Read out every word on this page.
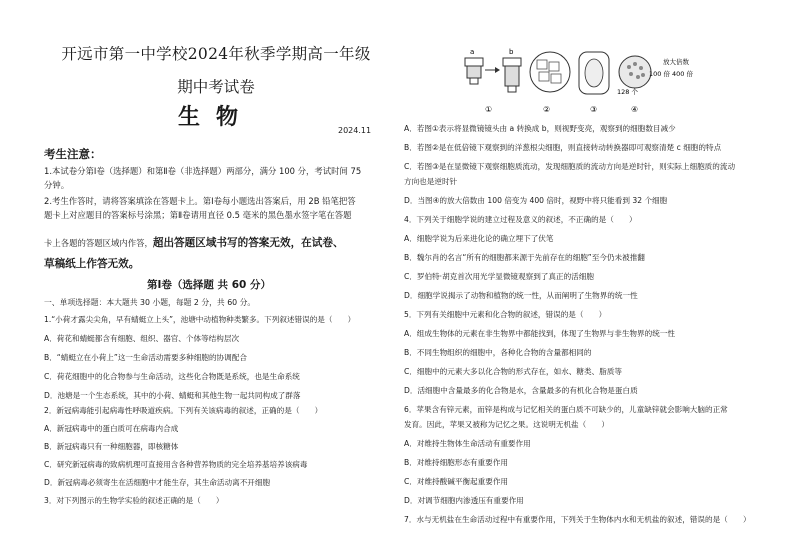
开远市第一中学校2024年秋季学期高一年级
期中考试卷
生物
2024.11
考生注意：
1.本试卷分第Ⅰ卷（选择题）和第Ⅱ卷（非选择题）两部分，满分 100 分，考试时间 75
分钟。
2.考生作答时，请将答案填涂在答题卡上。第Ⅰ卷每小题选出答案后，用 2B 铅笔把答
题卡上对应题目的答案标号涂黑；第Ⅱ卷请用直径 0.5 毫米的黑色墨水签字笔在答题
卡上各题的答题区域内作答，超出答题区域书写的答案无效，在试卷、
草稿纸上作答无效。
第Ⅰ卷（选择题 共 60 分）
一、单项选择题：本大题共 30 小题，每题 2 分，共 60 分。
1.“小荷才露尖尖角，早有蜻蜓立上头”，池塘中动植物种类繁多。下列叙述错误的是（　　）
A．荷花和蜻蜓都含有细胞、组织、器官、个体等结构层次
B．“蜻蜓立在小荷上”这一生命活动需要多种细胞的协调配合
C．荷花细胞中的化合物参与生命活动，这些化合物既是系统，也是生命系统
D．池塘是一个生态系统，其中的小荷、蜻蜓和其他生物一起共同构成了群落
2．新冠病毒能引起病毒性呼吸道疾病。下列有关该病毒的叙述，正确的是（　　）
A．新冠病毒中的蛋白质可在病毒内合成
B．新冠病毒只有一种细胞器，即核糖体
C．研究新冠病毒的致病机理可直接用含各种营养物质的完全培养基培养该病毒
D．新冠病毒必须寄生在活细胞中才能生存，其生命活动离不开细胞
3．对下列图示的生物学实验的叙述正确的是（　　）
a	b
放大倍数
100 倍 400 倍
128 个
①	②	③	④
A．若图①表示将显微镜镜头由 a 转换成 b，则视野变亮，观察到的细胞数目减少
B．若图②是在低倍镜下观察到的洋葱根尖细胞，则直接转动转换器即可观察清楚 c 细胞的特点
C．若图③是在显微镜下观察细胞质流动，发现细胞质的流动方向是逆时针，则实际上细胞质的流动
方向也是逆时针
D．当图④的放大倍数由 100 倍变为 400 倍时，视野中将只能看到 32 个细胞
4．下列关于细胞学说的建立过程及意义的叙述，不正确的是（　　）
A．细胞学说为后来进化论的确立埋下了伏笔
B．魏尔肖的名言“所有的细胞都来源于先前存在的细胞”至今仍未被推翻
C．罗伯特·胡克首次用光学显微镜观察到了真正的活细胞
D．细胞学说揭示了动物和植物的统一性，从而阐明了生物界的统一性
5．下列有关细胞中元素和化合物的叙述，错误的是（　　）
A．组成生物体的元素在非生物界中都能找到，体现了生物界与非生物界的统一性
B．不同生物组织的细胞中，各种化合物的含量都相同的
C．细胞中的元素大多以化合物的形式存在，如水、糖类、脂质等
D．活细胞中含量最多的化合物是水，含量最多的有机化合物是蛋白质
6．苹果含有锌元素，而锌是构成与记忆相关的蛋白质不可缺少的，儿童缺锌就会影响大脑的正常
发育。因此，苹果又被称为记忆之果。这说明无机盐（　　）
A．对维持生物体生命活动有重要作用
B．对维持细胞形态有重要作用
C．对维持酸碱平衡起重要作用
D．对调节细胞内渗透压有重要作用
7．水与无机盐在生命活动过程中有重要作用，下列关于生物体内水和无机盐的叙述，错误的是（　　）
